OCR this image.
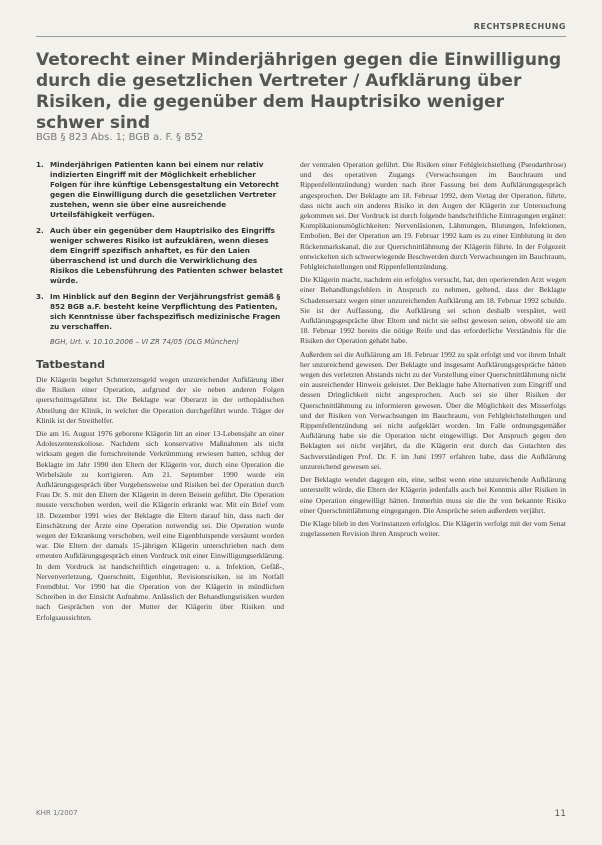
RECHTSPRECHUNG
Vetorecht einer Minderjährigen gegen die Einwilligung durch die gesetzlichen Vertreter / Aufklärung über Risiken, die gegenüber dem Hauptrisiko weniger schwer sind
BGB § 823 Abs. 1; BGB a. F. § 852
1. Minderjährigen Patienten kann bei einem nur relativ indizierten Eingriff mit der Möglichkeit erheblicher Folgen für ihre künftige Lebensgestaltung ein Vetorecht gegen die Einwilligung durch die gesetzlichen Vertreter zustehen, wenn sie über eine ausreichende Urteilsfähigkeit verfügen.
2. Auch über ein gegenüber dem Hauptrisiko des Eingriffs weniger schweres Risiko ist aufzuklären, wenn dieses dem Eingriff spezifisch anhaftet, es für den Laien überraschend ist und durch die Verwirklichung des Risikos die Lebensführung des Patienten schwer belastet würde.
3. Im Hinblick auf den Beginn der Verjährungsfrist gemäß § 852 BGB a.F. besteht keine Verpflichtung des Patienten, sich Kenntnisse über fachspezifisch medizinische Fragen zu verschaffen.
BGH, Urt. v. 10.10.2006 – VI ZR 74/05 (OLG München)
Tatbestand

Die Klägerin begehrt Schmerzensgeld wegen unzureichender Aufklärung über die Risiken einer Operation, aufgrund der sie neben anderen Folgen querschnittsgelähmt ist. Die Beklagte war Oberarzt in der orthopädischen Abteilung der Klinik, in welcher die Operation durchgeführt wurde. Träger der Klinik ist der Streithelfer.

Die am 16. August 1976 geborene Klägerin litt an einer 13-Lebensjahr an einer Adoleszentenskoliose. Nachdem sich konservative Maßnahmen als nicht wirksam gegen die fortschreitende Verkrümmung erwiesen hatten, schlug der Beklagte im Jahr 1990 den Eltern der Klägerin vor, durch eine Operation die Wirbelsäule zu korrigieren. Am 21. September 1990 wurde ein Aufklärungsgespräch über Vorgehensweise und Risiken bei der Operation durch Frau Dr. S. mit den Eltern der Klägerin in deren Beisein geführt. Die Operation musste verschoben werden, weil die Klägerin erkrankt war. Mit ein Brief vom 18. Dezember 1991 wies der Beklagte die Eltern darauf hin, dass nach der Einschätzung der Ärzte eine Operation notwendig sei. Die Operation wurde wegen der Erkrankung verschoben, weil eine Eigenblutspende versäumt worden war. Die Eltern der damals 15-jährigen Klägerin unterschrieben nach dem erneuten Aufklärungsgespräch einen Vordruck mit einer Einwilligungserklärung. In dem Vordruck ist handschriftlich eingetragen: u. a. Infektion, Gefäß-, Nervenverletzung, Querschnitt, Eigenblut, Revisionsrisiken, ist im Notfall Fremdblut. Vor 1990 hat die Operation von der Klägerin in mündlichen Schreiben in der Einsicht Aufnahme. Anlässlich der Behandlungsrisiken wurden nach Gesprächen von der Mutter der Klägerin über Risiken und Erfolgsaussichten.

der ventralen Operation geführt. Die Risiken einer Fehlgleichstellung (Pseudarthrose) und des operativen Zugangs (Verwachsungen im Bauchraum und Rippenfellentzündung) wurden nach ihrer Fassung bei dem Aufklärungsgespräch angesprochen. Der Beklagte am 18. Februar 1992, dem Vortag der Operation, führte, dass nicht auch ein anderes Risiko in den Augen der Klägerin zur Untersuchung gekommen sei. Der Vordruck ist durch folgende handschriftliche Eintragungen ergänzt: Komplikationsmöglichkeiten: Nervenläsionen, Lähmungen, Blutungen, Infektionen, Embolien. Bei der Operation am 19. Februar 1992 kam es zu einer Einblutung in den Rückenmarkskanal, die zur Querschnittlähmung der Klägerin führte. In der Folgezeit entwickelten sich schwerwiegende Beschwerden durch Verwachsungen im Bauchraum, Fehlgleichstellungen und Rippenfellentzündung.

Die Klägerin macht, nachdem ein erfolglos versucht, hat, den operierenden Arzt wegen einer Behandlungsfehlers in Anspruch zu nehmen, geltend, dass der Beklagte Schadensersatz wegen einer unzureichenden Aufklärung am 18. Februar 1992 schulde. Sie ist der Auffassung, die Aufklärung sei schon deshalb verspätet, weil Aufklärungsgespräche über Eltern und nicht sie selbst gewesen seien, obwohl sie am 18. Februar 1992 bereits die nötige Reife und das erforderliche Verständnis für die Risiken der Operation gehabt habe.

Außerdem sei die Aufklärung am 18. Februar 1992 zu spät erfolgt und vor ihrem Inhalt her unzureichend gewesen. Der Beklagte und insgesamt Aufklärungsgespräche hätten wegen des verletzten Abstands nicht zu der Vorstellung einer Querschnittlähmung nicht ein ausreichender Hinweis geleistet. Der Beklagte habe Alternativen zum Eingriff und dessen Dringlichkeit nicht angesprochen. Auch sei sie über Risiken der Querschnittlähmung zu informieren gewesen. Über die Möglichkeit des Misserfolgs und der Risiken von Verwachsungen im Bauchraum, von Fehlgleichstellungen und Rippenfellentzündung sei nicht aufgeklärt worden. Im Falle ordnungsgemäßer Aufklärung habe sie die Operation nicht eingewilligt. Der Anspruch gegen den Beklagten sei nicht verjährt, da die Klägerin erst durch das Gutachten des Sachverständigen Prof. Dr. F. im Juni 1997 erfahren habe, dass die Aufklärung unzureichend gewesen sei.

Der Beklagte wendet dagegen ein, eine, selbst wenn eine unzureichende Aufklärung unterstellt würde, die Eltern der Klägerin jedenfalls auch bei Kenntnis aller Risiken in eine Operation eingewilligt hätten. Immerhin muss sie die ihr von bekannte Risiko einer Querschnittlähmung eingegangen. Die Ansprüche seien außerdem verjährt.

Die Klage blieb in den Vorinstanzen erfolglos. Die Klägerin verfolgt mit der vom Senat zugelassenen Revision ihren Anspruch weiter.

KHR 1/2007	11
